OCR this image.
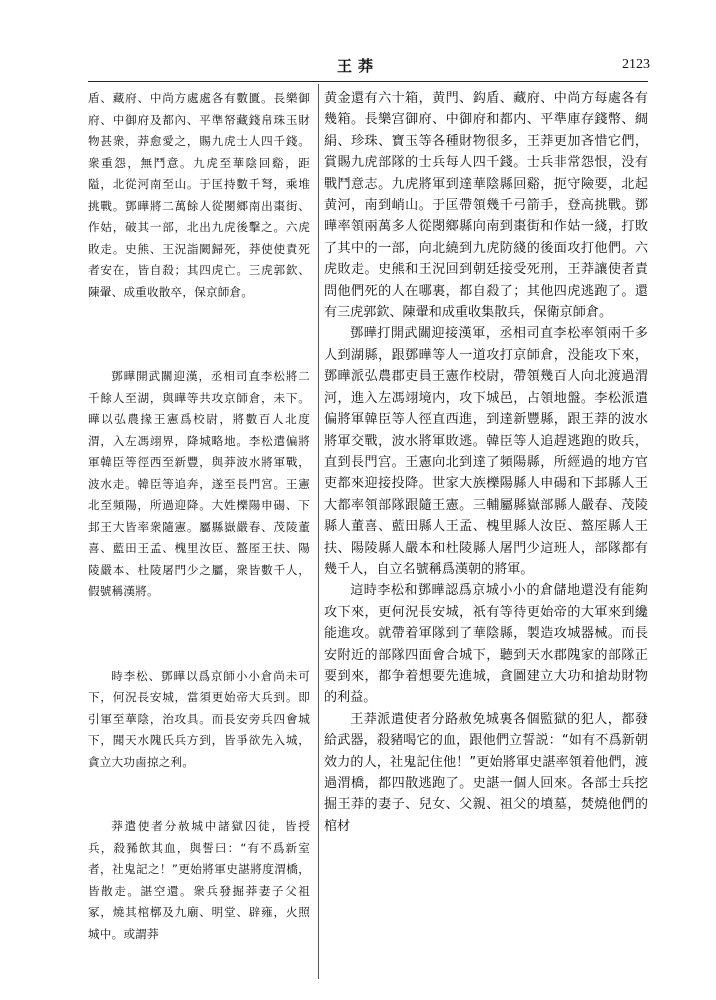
王莽	2123

盾、藏府、中尚方處處各有數匱。長樂御府、中御府及都內、平準帑藏錢帛珠玉財物甚衆，莽愈愛之，賜九虎士人四千錢。衆重怨，無鬥意。九虎至華陰回谿，距隘，北從河南至山。于匡持數千弩，乘堆挑戰。鄧曄將二萬餘人從閿鄉南出棗街、作姑，破其一部，北出九虎後擊之。六虎敗走。史熊、王況詣闕歸死，莽使使責死者安在，皆自殺；其四虎亡。三虎郭欽、陳翬、成重收散卒，保京師倉。

鄧曄開武關迎漢，丞相司直李松將二千餘人至湖，與曄等共攻京師倉，未下。曄以弘農掾王憲爲校尉，將數百人北度渭，入左馮翊界，降城略地。李松遣偏將軍韓臣等徑西至新豐，與莽波水將軍戰，波水走。韓臣等追奔，遂至長門宮。王憲北至頻陽，所過迎降。大姓櫟陽申碭、下邽王大皆率衆隨憲。屬縣嶽嚴春、茂陵董喜、藍田王孟、槐里汝臣、盩厔王扶、陽陵嚴本、杜陵屠門少之屬，衆皆數千人，假號稱漢將。

時李松、鄧曄以爲京師小小倉尚未可下，何況長安城，當須更始帝大兵到。即引軍至華陰，治攻具。而長安旁兵四會城下，聞天水隗氏兵方到，皆爭欲先入城，貪立大功鹵掠之利。

莽遣使者分赦城中諸獄囚徒，皆授兵，殺豨飲其血，與誓曰：“有不爲新室者，社鬼記之！”更始將軍史諶將度渭橋，皆散走。諶空還。衆兵發掘莽妻子父祖冢，燒其棺槨及九廟、明堂、辟雍，火照城中。或謂莽

黄金還有六十箱，黄門、鈎盾、藏府、中尚方每處各有幾箱。長樂宫御府、中御府和都内、平準庫存錢幣、綢絹、珍珠、寶玉等各種財物很多，王莽更加吝惜它們，賞賜九虎部隊的士兵每人四千錢。士兵非常怨恨，没有戰鬥意志。九虎將軍到達華陰縣回谿，扼守險要，北起黄河，南到峭山。于匡帶領幾千弓箭手，登高挑戰。鄧曄率領兩萬多人從閿鄉縣向南到棗街和作姑一綫，打敗了其中的一部，向北繞到九虎防綫的後面攻打他們。六虎敗走。史熊和王況回到朝廷接受死刑，王莽讓使者責問他們死的人在哪裏，都自殺了；其他四虎逃跑了。還有三虎郭欽、陳翬和成重收集散兵，保衛京師倉。

鄧曄打開武關迎接漢軍，丞相司直李松率領兩千多人到湖縣，跟鄧曄等人一道攻打京師倉，没能攻下來，鄧曄派弘農郡吏員王憲作校尉，帶領幾百人向北渡過渭河，進入左馮翊境内，攻下城邑，占領地盤。李松派遣偏將軍韓臣等人徑直西進，到達新豐縣，跟王莽的波水將軍交戰，波水將軍敗逃。韓臣等人追趕逃跑的敗兵，直到長門宫。王憲向北到達了頻陽縣，所經過的地方官吏都來迎接投降。世家大族櫟陽縣人申碭和下邽縣人王大都率領部隊跟隨王憲。三輔屬縣嶽部縣人嚴春、茂陵縣人董喜、藍田縣人王孟、槐里縣人汝臣、盩厔縣人王扶、陽陵縣人嚴本和杜陵縣人屠門少這班人，部隊都有幾千人，自立名號稱爲漢朝的將軍。

這時李松和鄧曄認爲京城小小的倉儲地還没有能夠攻下來，更何況長安城，祇有等待更始帝的大軍來到纔能進攻。就帶着軍隊到了華陰縣，製造攻城器械。而長安附近的部隊四面會合城下，聽到天水郡隗家的部隊正要到來，都争着想要先進城，貪圖建立大功和搶劫財物的利益。

王莽派遣使者分路赦免城裏各個監獄的犯人，都發給武器，殺豬喝它的血，跟他們立誓説：“如有不爲新朝效力的人，社鬼記住他！”更始將軍史諶率領着他們，渡過渭橋，都四散逃跑了。史諶一個人回來。各部士兵挖掘王莽的妻子、兒女、父親、祖父的墳墓，焚燒他們的棺材
